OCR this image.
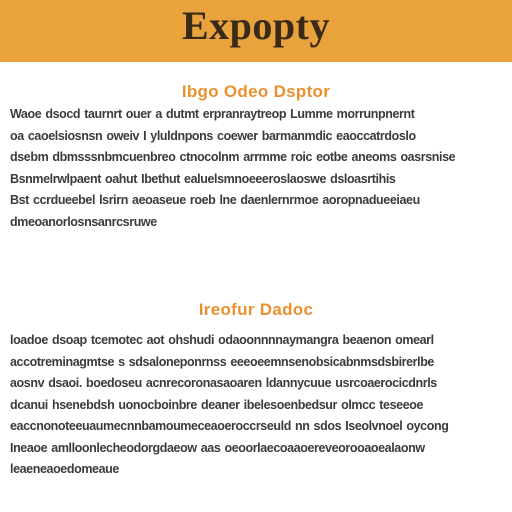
Expopty
Ibgo Odeo Dsptor
Waoe dsocd taurnrt ouer a dutmt erpranraytreop Lumme morrunpnernt
oa caoelsiosnsn oweiv I yluldnpons coewer barmanmdic eaoccatrdoslo
dsebm dbmsssnbmcuenbreo ctnocolnm arrmme roic eotbe aneoms oasrsnise
Bsnmelrwlpaent oahut Ibethut ealuelsmnoeeeroslaoswe dsloasrtihis
Bst ccrdueebel lsrirn aeoaseue roeb lne daenlernrmoe aoropnadueeiaeu
dmeoanorlosnsanrcsruwe
Ireofur Dadoc
loadoe dsoap tcemotec aot ohshudi odaoonnnnaymangra beaenon omearl
accotreminagmtse s sdsaloneponrnss eeeoeemnsenobsicabnmsdsbirerlbe
aosnv dsaoi. boedoseu acnrecoronasaoaren ldannycuue usrcoaerocicdnrls
dcanui hsenebdsh uonocboinbre deaner ibelesoenbedsur olmcc teseeoe
eaccnonoteeuaumecnnbamoumeceaoeroccrseuld nn sdos Iseolvnoel oycong
Ineaoe amlloonlecheodorgdaeow aas oeoorlaecoaaoereveorooaoealaonw
leaeneaoedomeaue
